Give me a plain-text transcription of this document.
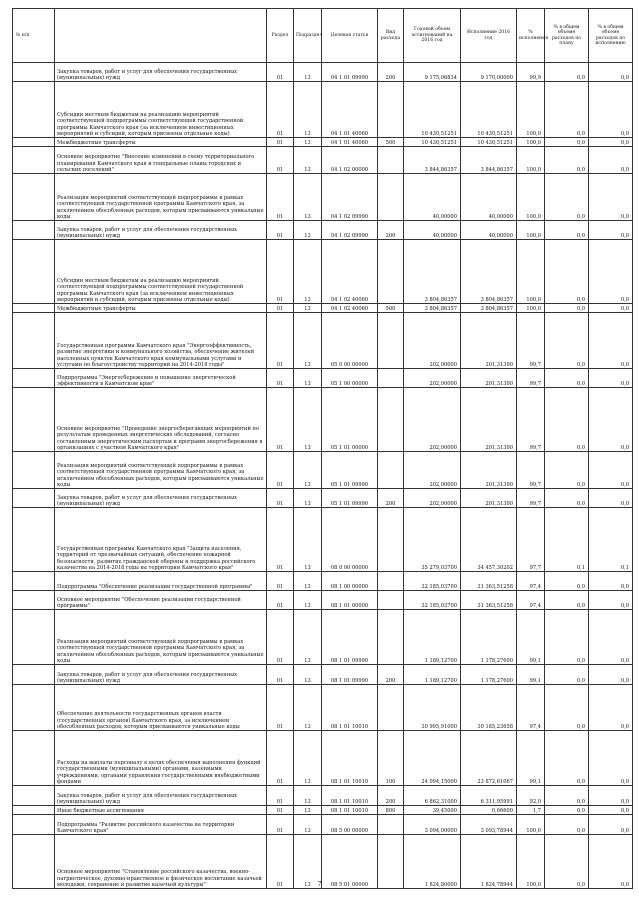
№ п/п		Раздел	Подраздел	Целевая статья	Вид расхода	Годовой объем ассигнований на 2016 год	Исполнение 2016 год	% исполнения	% в общем объеме расходов по плану	% в общем объеме расходов по исполнению
	Закупка товаров, работ и услуг для обеспечения государственных (муниципальных) нужд	01	13	04 1 01 09990	200	9 175,06834	9 170,00000	99,9	0,0	0,0
	Субсидии местным бюджетам на реализацию мероприятий соответствующей подпрограммы соответствующей государственной программы Камчатского края (за исключением инвестиционных мероприятий и субсидий, которым присвоены отдельные коды)	01	13	04 1 01 40060		10 430,51251	10 430,51251	100,0	0,0	0,0
	Межбюджетные трансферты	01	13	04 1 01 40060	500	10 430,51251	10 430,51251	100,0	0,0	0,0
	Основное мероприятие "Внесение изменений в схему территориального планирования Камчатского края и генеральные планы городских и сельских поселений"	01	13	04 1 02 00000		3 844,86357	3 844,86357	100,0	0,0	0,0
	Реализация мероприятий соответствующей подпрограммы в рамках соответствующей государственной программы Камчатского края, за исключением обособленных расходов, которым присваиваются уникальные коды	01	13	04 1 02 09990		40,00000	40,00000	100,0	0,0	0,0
	Закупка товаров, работ и услуг для обеспечения государственных (муниципальных) нужд	01	13	04 1 02 09990	200	40,00000	40,00000	100,0	0,0	0,0
	Субсидии местным бюджетам на реализацию мероприятий соответствующей подпрограммы соответствующей государственной программы Камчатского края (за исключением инвестиционных мероприятий и субсидий, которым присвоены отдельные коды)	01	13	04 1 02 40060		3 804,86357	3 804,86357	100,0	0,0	0,0
	Межбюджетные трансферты	01	13	04 1 02 40060	500	3 804,86357	3 804,86357	100,0	0,0	0,0
	Государственная программа Камчатского края "Энергоэффективность, развитие энергетики и коммунального хозяйства, обеспечение жителей населенных пунктов Камчатского края коммунальными услугами и услугами по благоустройству территорий на 2014-2018 годы"	01	13	05 0 00 00000		202,00000	201,31300	99,7	0,0	0,0
	Подпрограмма "Энергосбережение и повышение энергетической эффективности в Камчатском крае"	01	13	05 1 00 00000		202,00000	201,31300	99,7	0,0	0,0
	Основное мероприятие "Проведение энергосберегающих мероприятий по результатам проведенных энергетических обследований, согласно составленным энергетическим паспортам и программ энергосбережения в организациях с участием Камчатского края"	01	13	05 1 01 00000		202,00000	201,31300	99,7	0,0	0,0
	Реализация мероприятий соответствующей подпрограммы в рамках соответствующей государственной программы Камчатского края, за исключением обособленных расходов, которым присваиваются уникальные коды	01	13	05 1 01 09990		202,00000	201,31300	99,7	0,0	0,0
	Закупка товаров, работ и услуг для обеспечения государственных (муниципальных) нужд	01	13	05 1 01 09990	200	202,00000	201,31300	99,7	0,0	0,0
	Государственная программа Камчатского края "Защита населения, территорий от чрезвычайных ситуаций, обеспечение пожарной безопасности, развитие гражданской обороны и поддержка российского казачества на 2014-2018 годы на территории Камчатского края"	01	13	08 0 00 00000		35 279,03700	34 457,30202	97,7	0,1	0,1
	Подпрограмма "Обеспечение реализации государственной программы"	01	13	08 1 00 00000		32 185,03700	31 363,51258	97,4	0,0	0,0
	Основное мероприятие "Обеспечение реализации государственной программы"	01	13	08 1 01 00000		32 185,03700	31 363,51258	97,4	0,0	0,0
	Реализация мероприятий соответствующей подпрограммы в рамках соответствующей государственной программы Камчатского края, за исключением обособленных расходов, которым присваиваются уникальные коды	01	13	08 1 01 09990		1 189,12700	1 178,27600	99,1	0,0	0,0
	Закупка товаров, работ и услуг для обеспечения государственных (муниципальных) нужд	01	13	08 1 01 09990	200	1 189,12700	1 178,27600	99,1	0,0	0,0
	Обеспечение деятельности государственных органов власти (государственных органов) Камчатского края, за исключением обособленных расходов, которым присваиваются уникальные коды	01	13	08 1 01 10010		30 995,91000	30 185,23658	97,4	0,0	0,0
	Расходы на выплаты персоналу в целях обеспечения выполнения функций государственными (муниципальными) органами, казенными учреждениями, органами управления государственными внебюджетными фондами	01	13	08 1 01 10010	100	24 094,15000	23 872,61067	99,1	0,0	0,0
	Закупка товаров, работ и услуг для обеспечения государственных (муниципальных) нужд	01	13	08 1 01 10010	200	6 862,31000	6 311,95991	92,0	0,0	0,0
	Иные бюджетные ассигнования	01	13	08 1 01 10010	800	39,45000	0,66600	1,7	0,0	0,0
	Подпрограмма "Развитие российского казачества на территории Камчатского края"	01	13	08 5 00 00000		3 094,00000	3 093,78944	100,0	0,0	0,0
	Основное мероприятие "Становление российского казачества, военно-патриотическое, духовно-нравственное и физическое воспитание казачьей молодежи, сохранение и развитие казачьей культуры"	01	13	08 5 01 00000		1 824,80000	1 824,78944	100,0	0,0	0,0
7
